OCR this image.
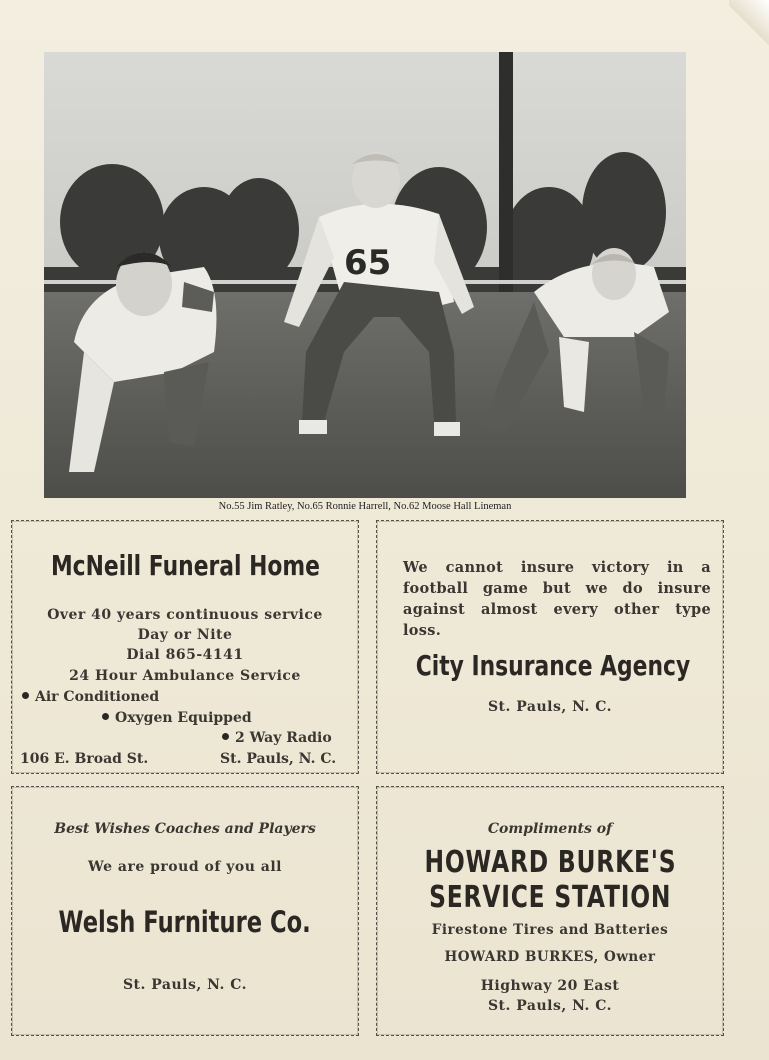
65
No.55 Jim Ratley, No.65 Ronnie Harrell, No.62 Moose Hall Lineman
McNeill Funeral Home
Over 40 years continuous service
Day or Nite
Dial 865-4141
24 Hour Ambulance Service
Air Conditioned
Oxygen Equipped
2 Way Radio
106 E. Broad St.	St. Pauls, N. C.
We cannot insure victory in a football game but we do insure against almost every other type loss.
City Insurance Agency
St. Pauls, N. C.
Best Wishes Coaches and Players
We are proud of you all
Welsh Furniture Co.
St. Pauls, N. C.
Compliments of
HOWARD BURKE'S
SERVICE STATION
Firestone Tires and Batteries
HOWARD BURKES, Owner
Highway 20 East
St. Pauls, N. C.
